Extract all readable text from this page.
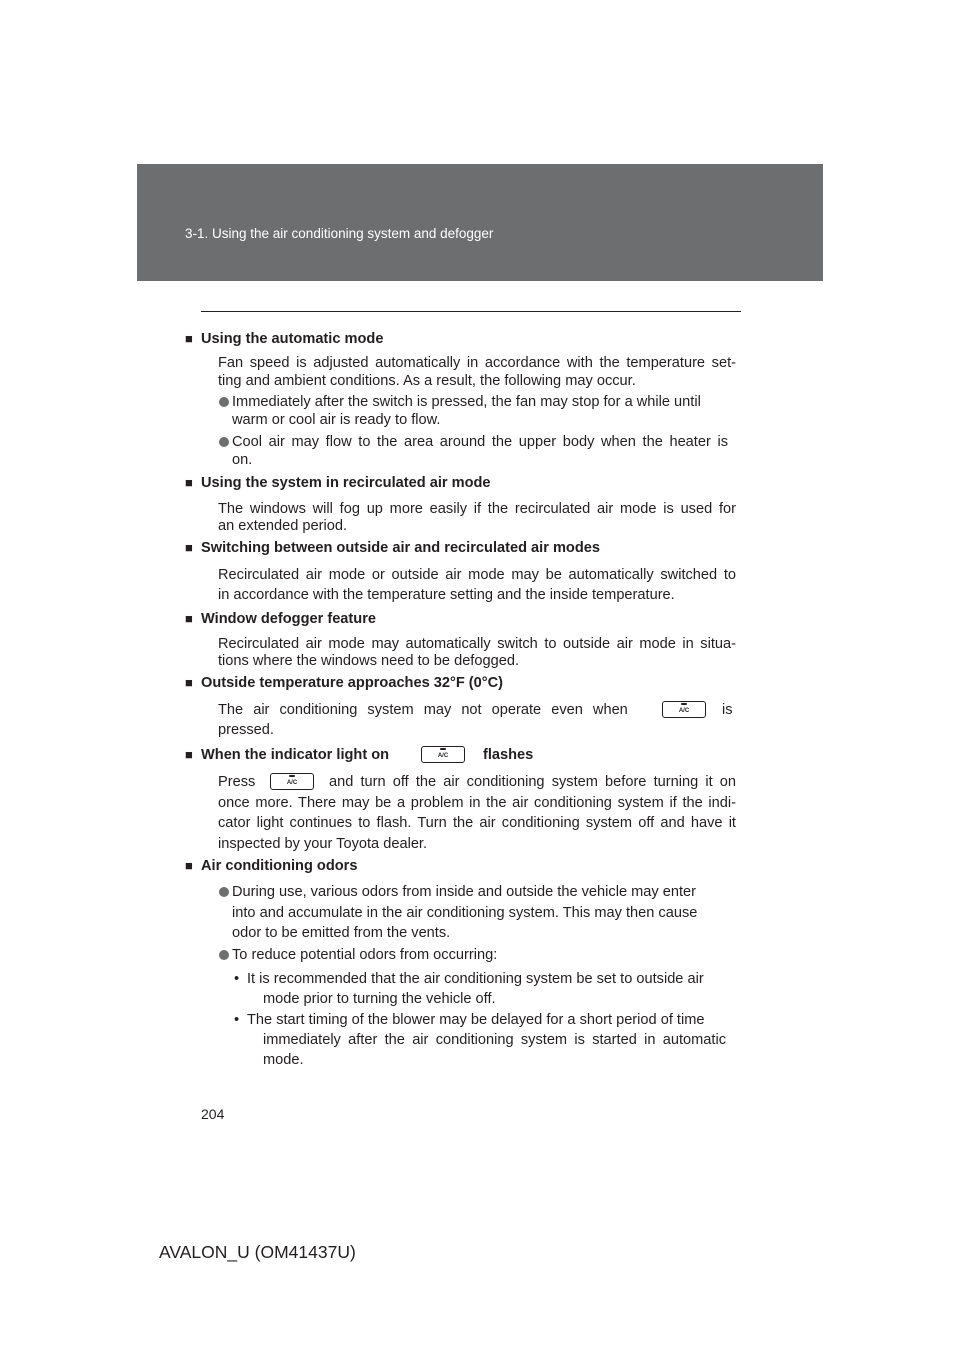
3-1. Using the air conditioning system and defogger
■ Using the automatic mode
Fan speed is adjusted automatically in accordance with the temperature set-
ting and ambient conditions. As a result, the following may occur.
Immediately after the switch is pressed, the fan may stop for a while until
warm or cool air is ready to flow.
Cool air may flow to the area around the upper body when the heater is
on.
■ Using the system in recirculated air mode
The windows will fog up more easily if the recirculated air mode is used for
an extended period.
■ Switching between outside air and recirculated air modes
Recirculated air mode or outside air mode may be automatically switched to
in accordance with the temperature setting and the inside temperature.
■ Window defogger feature
Recirculated air mode may automatically switch to outside air mode in situa-
tions where the windows need to be defogged.
■ Outside temperature approaches 32°F (0°C)
The air conditioning system may not operate even when	A/C	is
pressed.
■ When the indicator light on	A/C	flashes
Press	A/C	and turn off the air conditioning system before turning it on
once more. There may be a problem in the air conditioning system if the indi-
cator light continues to flash. Turn the air conditioning system off and have it
inspected by your Toyota dealer.
■ Air conditioning odors
During use, various odors from inside and outside the vehicle may enter
into and accumulate in the air conditioning system. This may then cause
odor to be emitted from the vents.
To reduce potential odors from occurring:
• It is recommended that the air conditioning system be set to outside air
mode prior to turning the vehicle off.
• The start timing of the blower may be delayed for a short period of time
immediately after the air conditioning system is started in automatic
mode.
204
AVALON_U (OM41437U)
